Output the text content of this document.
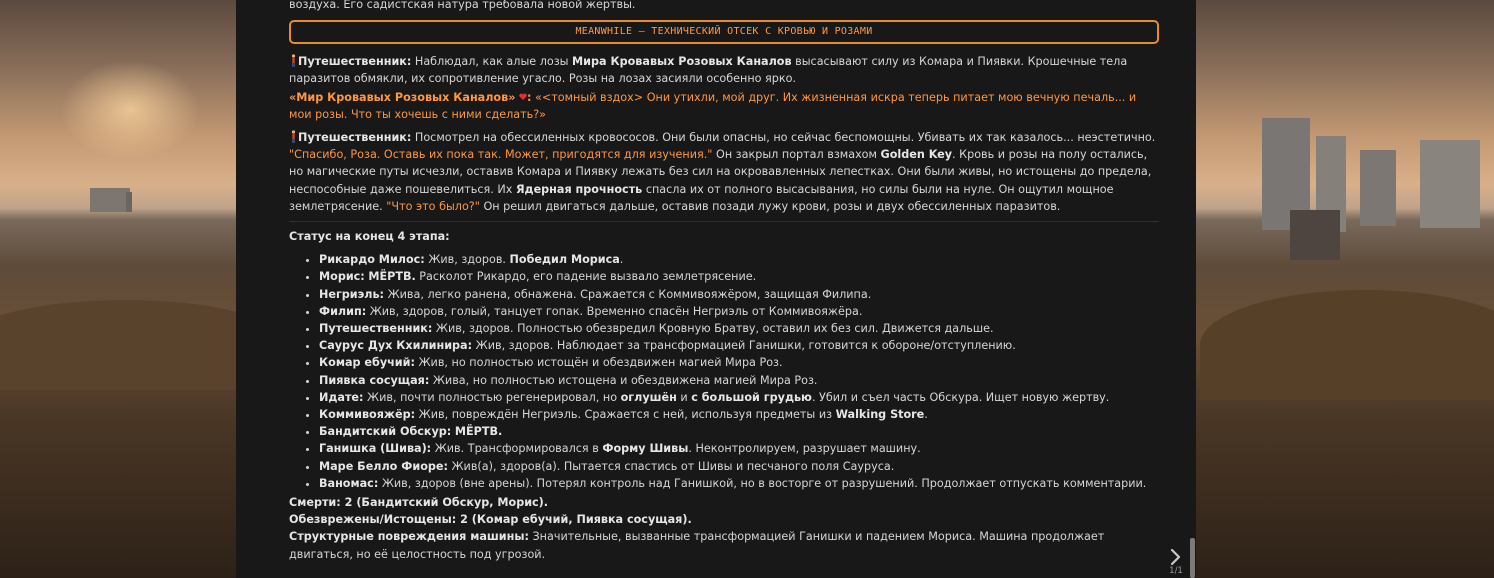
воздуха. Его садистская натура требовала новой жертвы.

MEANWHILE – ТЕХНИЧЕСКИЙ ОТСЕК С КРОВЬЮ И РОЗАМИ

Путешественник: Наблюдал, как алые лозы Мира Кровавых Розовых Каналов высасывают силу из Комара и Пиявки. Крошечные тела паразитов обмякли, их сопротивление угасло. Розы на лозах засияли особенно ярко.

«Мир Кровавых Розовых Каналов» : «<томный вздох> Они утихли, мой друг. Их жизненная искра теперь питает мою вечную печаль... и мои розы. Что ты хочешь с ними сделать?»

Путешественник: Посмотрел на обессиленных кровососов. Они были опасны, но сейчас беспомощны. Убивать их так казалось... неэстетично. "Спасибо, Роза. Оставь их пока так. Может, пригодятся для изучения." Он закрыл портал взмахом Golden Key. Кровь и розы на полу остались, но магические путы исчезли, оставив Комара и Пиявку лежать без сил на окровавленных лепестках. Они были живы, но истощены до предела, неспособные даже пошевелиться. Их Ядерная прочность спасла их от полного высасывания, но силы были на нуле. Он ощутил мощное землетрясение. "Что это было?" Он решил двигаться дальше, оставив позади лужу крови, розы и двух обессиленных паразитов.

Статус на конец 4 этапа:

• Рикардо Милос: Жив, здоров. Победил Мориса.
• Морис: МЁРТВ. Расколот Рикардо, его падение вызвало землетрясение.
• Негриэль: Жива, легко ранена, обнажена. Сражается с Коммивояжёром, защищая Филипа.
• Филип: Жив, здоров, голый, танцует гопак. Временно спасён Негриэль от Коммивояжёра.
• Путешественник: Жив, здоров. Полностью обезвредил Кровную Братву, оставил их без сил. Движется дальше.
• Саурус Дух Кхилинира: Жив, здоров. Наблюдает за трансформацией Ганишки, готовится к обороне/отступлению.
• Комар ебучий: Жив, но полностью истощён и обездвижен магией Мира Роз.
• Пиявка сосущая: Жива, но полностью истощена и обездвижена магией Мира Роз.
• Идате: Жив, почти полностью регенерировал, но оглушён и с большой грудью. Убил и съел часть Обскура. Ищет новую жертву.
• Коммивояжёр: Жив, повреждён Негриэль. Сражается с ней, используя предметы из Walking Store.
• Бандитский Обскур: МЁРТВ.
• Ганишка (Шива): Жив. Трансформировался в Форму Шивы. Неконтролируем, разрушает машину.
• Маре Белло Фиоре: Жив(а), здоров(а). Пытается спастись от Шивы и песчаного поля Сауруса.
• Ваномас: Жив, здоров (вне арены). Потерял контроль над Ганишкой, но в восторге от разрушений. Продолжает отпускать комментарии.

Смерти: 2 (Бандитский Обскур, Морис).

Обезврежены/Истощены: 2 (Комар ебучий, Пиявка сосущая).

Структурные повреждения машины: Значительные, вызванные трансформацией Ганишки и падением Мориса. Машина продолжает двигаться, но её целостность под угрозой.

1/1
